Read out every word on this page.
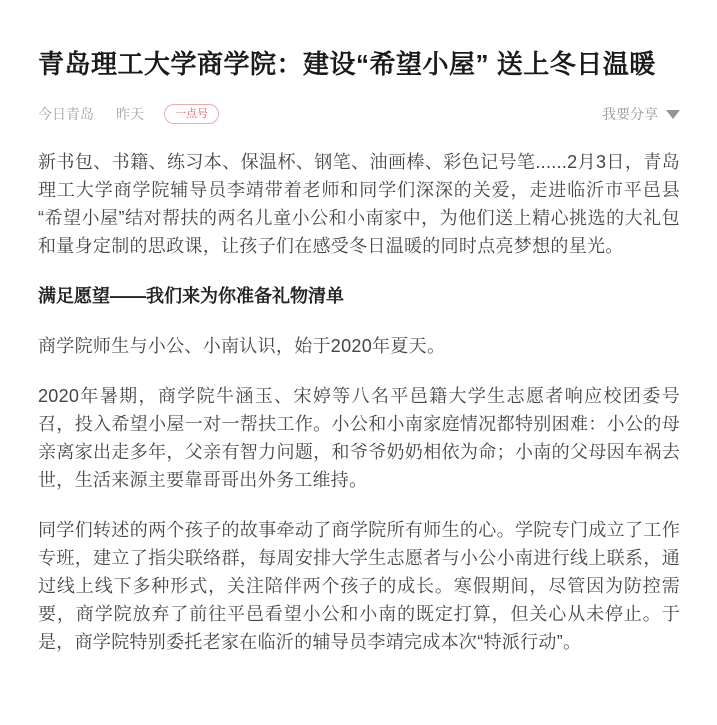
青岛理工大学商学院：建设“希望小屋” 送上冬日温暖
今日青岛 昨天	一点号	我要分享

新书包、书籍、练习本、保温杯、钢笔、油画棒、彩色记号笔......2月3日，青岛理工大学商学院辅导员李靖带着老师和同学们深深的关爱，走进临沂市平邑县“希望小屋”结对帮扶的两名儿童小公和小南家中，为他们送上精心挑选的大礼包和量身定制的思政课，让孩子们在感受冬日温暖的同时点亮梦想的星光。

满足愿望——我们来为你准备礼物清单

商学院师生与小公、小南认识，始于2020年夏天。

2020年暑期，商学院牛涵玉、宋婷等八名平邑籍大学生志愿者响应校团委号召，投入希望小屋一对一帮扶工作。小公和小南家庭情况都特别困难：小公的母亲离家出走多年，父亲有智力问题，和爷爷奶奶相依为命；小南的父母因车祸去世，生活来源主要靠哥哥出外务工维持。

同学们转述的两个孩子的故事牵动了商学院所有师生的心。学院专门成立了工作专班，建立了指尖联络群，每周安排大学生志愿者与小公小南进行线上联系，通过线上线下多种形式，关注陪伴两个孩子的成长。寒假期间，尽管因为防控需要，商学院放弃了前往平邑看望小公和小南的既定打算，但关心从未停止。于是，商学院特别委托老家在临沂的辅导员李靖完成本次“特派行动”。
